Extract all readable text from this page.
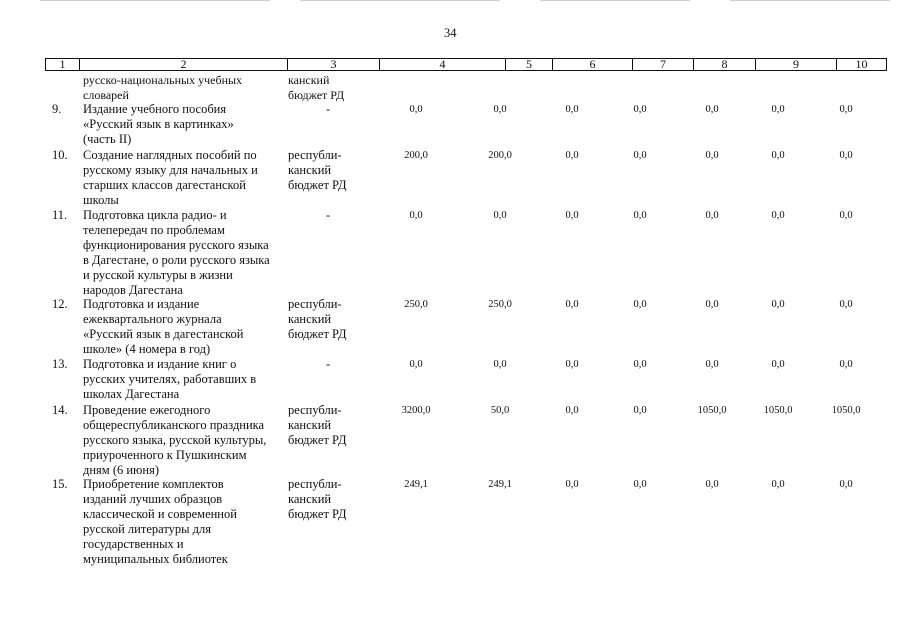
34
1	2	3	4	5	6	7	8	9	10
русско-национальных учебных
словарей
канский
бюджет РД
9. Издание учебного пособия
«Русский язык в картинках»
(часть II)
-	0,0	0,0	0,0	0,0	0,0	0,0	0,0
10. Создание наглядных пособий по
русскому языку для начальных и
старших классов дагестанской
школы
республи-
канский
бюджет РД
200,0	200,0	0,0	0,0	0,0	0,0	0,0
11. Подготовка цикла радио- и
телепередач по проблемам
функционирования русского языка
в Дагестане, о роли русского языка
и русской культуры в жизни
народов Дагестана
-	0,0	0,0	0,0	0,0	0,0	0,0	0,0
12. Подготовка и издание
ежеквартального журнала
«Русский язык в дагестанской
школе» (4 номера в год)
республи-
канский
бюджет РД
250,0	250,0	0,0	0,0	0,0	0,0	0,0
13. Подготовка и издание книг о
русских учителях, работавших в
школах Дагестана
-	0,0	0,0	0,0	0,0	0,0	0,0	0,0
14. Проведение ежегодного
общереспубликанского праздника
русского языка, русской культуры,
приуроченного к Пушкинским
дням (6 июня)
республи-
канский
бюджет РД
3200,0	50,0	0,0	0,0	1050,0	1050,0	1050,0
15. Приобретение комплектов
изданий лучших образцов
классической и современной
русской литературы для
государственных и
муниципальных библиотек
республи-
канский
бюджет РД
249,1	249,1	0,0	0,0	0,0	0,0	0,0
